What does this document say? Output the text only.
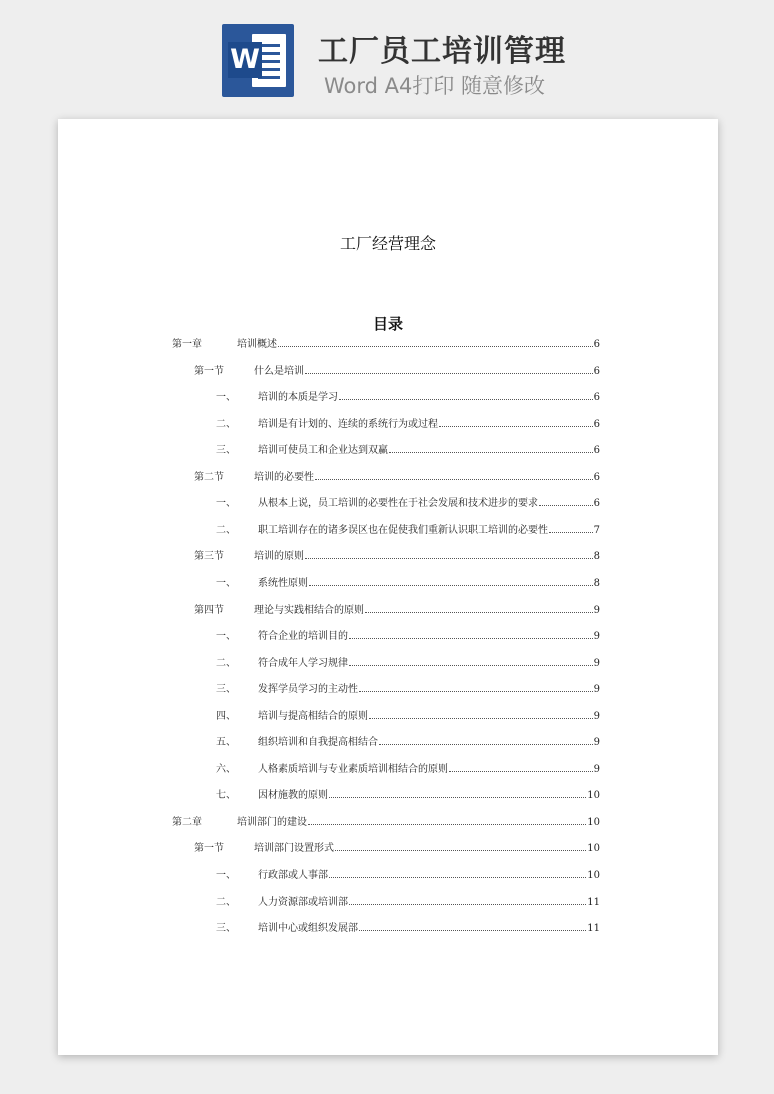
W 工厂员工培训管理
Word A4打印 随意修改
工厂经营理念
目录
第一章	培训概述	6
第一节	什么是培训	6
一、	培训的本质是学习	6
二、	培训是有计划的、连续的系统行为或过程	6
三、	培训可使员工和企业达到双赢	6
第二节	培训的必要性	6
一、	从根本上说，员工培训的必要性在于社会发展和技术进步的要求	6
二、	职工培训存在的诸多误区也在促使我们重新认识职工培训的必要性	7
第三节	培训的原则	8
一、	系统性原则	8
第四节	理论与实践相结合的原则	9
一、	符合企业的培训目的	9
二、	符合成年人学习规律	9
三、	发挥学员学习的主动性	9
四、	培训与提高相结合的原则	9
五、	组织培训和自我提高相结合	9
六、	人格素质培训与专业素质培训相结合的原则	9
七、	因材施教的原则	10
第二章	培训部门的建设	10
第一节	培训部门设置形式	10
一、	行政部或人事部	10
二、	人力资源部或培训部	11
三、	培训中心或组织发展部	11
